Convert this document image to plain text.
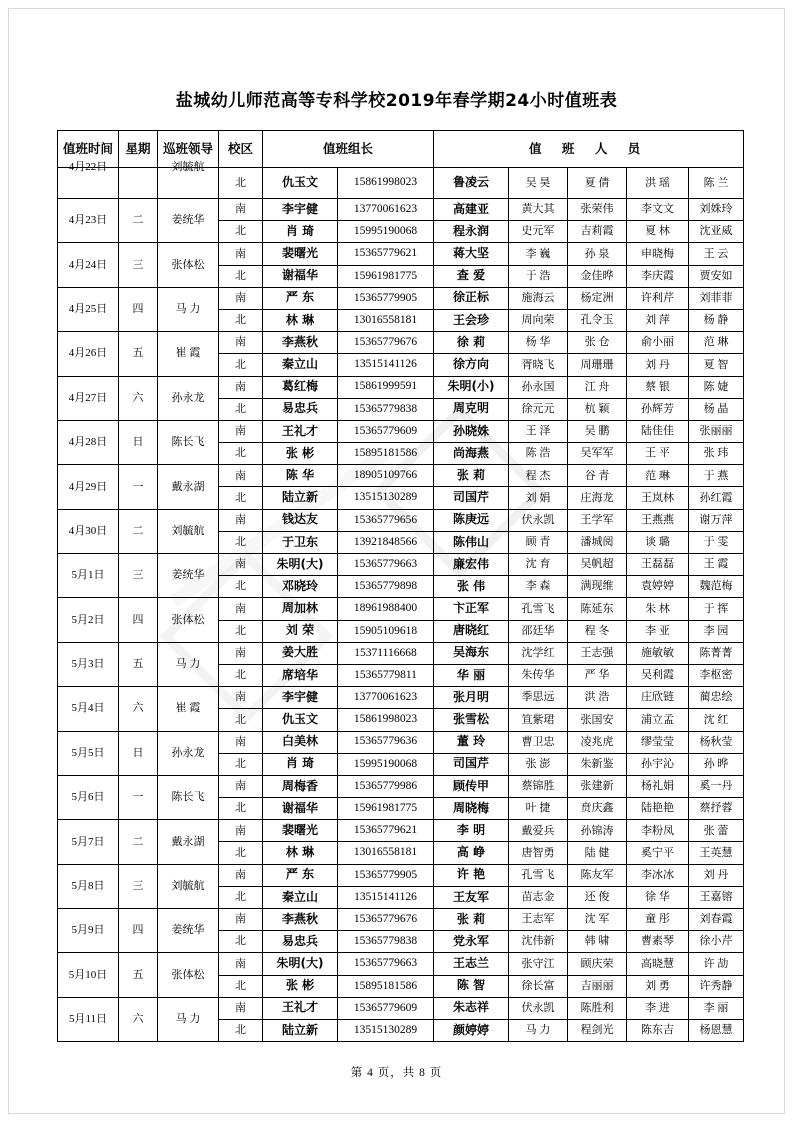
盐城幼儿师范高等专科学校2019年春学期24小时值班表
值班时间	星期	巡班领导	校区	值班组长		值 班 人 员				

4月22日		刘毓航	北	仇玉文	15861998023	鲁凌云	吴 昊	夏 倩	洪 瑶	陈 兰
4月23日	二	姜统华	南	李宇健	13770061623	高建亚	黄大其	张荣伟	李文文	刘姝玲
			北	肖 琦	15995190068	程永润	史元军	吉莉霞	夏 林	沈亚威
4月24日	三	张体松	南	裴曙光	15365779621	蒋大坚	李 巍	孙 泉	申晓梅	王 云
			北	谢福华	15961981775	查 爱	于 浩	金佳晔	李庆霞	贾安如
4月25日	四	马 力	南	严 东	15365779905	徐正标	施海云	杨定洲	许利芹	刘菲菲
			北	林 琳	13016558181	王会珍	周向荣	孔令玉	刘 萍	杨 静
4月26日	五	崔 霞	南	李燕秋	15365779676	徐 莉	杨 华	张 仓	俞小丽	范 琳
			北	秦立山	13515141126	徐方向	胥晓飞	周珊珊	刘 丹	夏 智
4月27日	六	孙永龙	南	葛红梅	15861999591	朱明(小)	孙永国	江 舟	蔡 银	陈 婕
			北	易忠兵	15365779838	周克明	徐元元	杭 颖	孙辉芳	杨 晶
4月28日	日	陈长飞	南	王礼才	15365779609	孙晓姝	王 泽	吴 鹏	陆佳佳	张丽丽
			北	张 彬	15895181586	尚海燕	陈 浩	吴军军	王 平	张 玮
4月29日	一	戴永湖	南	陈 华	18905109766	张 莉	程 杰	谷 青	范 琳	于 燕
			北	陆立新	13515130289	司国芹	刘 娟	庄海龙	王岚林	孙红霞
4月30日	二	刘毓航	南	钱达友	15365779656	陈庚远	伏永凯	王学军	王燕燕	谢万萍
			北	于卫东	13921848566	陈伟山	顾 青	潘城阅	谈 璐	于 雯
5月1日	三	姜统华	南	朱明(大)	15365779663	廉宏伟	沈 育	吴帆超	王磊磊	王 霞
			北	邓晓玲	15365779898	张 伟	李 森	满现维	袁婷婷	魏范梅
5月2日	四	张体松	南	周加林	18961988400	卞正军	孔雪飞	陈延东	朱 林	于 挥
			北	刘 荣	15905109618	唐晓红	邵廷华	程 冬	李 亚	李 园
5月3日	五	马 力	南	姜大胜	15371116668	吴海东	沈学红	王志强	施敏敏	陈菁菁
			北	席培华	15365779811	华 丽	朱传华	严 华	吴利霞	李枢密
5月4日	六	崔 霞	南	李宇健	13770061623	张月明	季思远	洪 浩	庄欣链	蔺忠绘
			北	仇玉文	15861998023	张雪松	笪紫珺	张国安	浦立孟	沈 红
5月5日	日	孙永龙	南	白美林	15365779636	董 玲	曹卫忠	凌兆虎	缪莹莹	杨秋莹
			北	肖 琦	15995190068	司国芹	张 澎	朱新鉴	孙宇沁	孙 晔
5月6日	一	陈长飞	南	周梅香	15365779986	顾传甲	蔡锦胜	张建新	杨礼娟	奚一丹
			北	谢福华	15961981775	周晓梅	叶 捷	贲庆鑫	陆艳艳	蔡抒蓉
5月7日	二	戴永湖	南	裴曙光	15365779621	李 明	戴爱兵	孙锦涛	李粉凤	张 蕾
			北	林 琳	13016558181	高 峥	唐智勇	陆 健	奚宁平	王英慧
5月8日	三	刘毓航	南	严 东	15365779905	许 艳	孔雪飞	陈友军	李冰冰	刘 丹
			北	秦立山	13515141126	王友军	苗志金	还 俊	徐 华	王嘉镕
5月9日	四	姜统华	南	李燕秋	15365779676	张 莉	王志军	沈 军	童 彤	刘春霞
			北	易忠兵	15365779838	党永军	沈伟新	韩 啸	曹素琴	徐小芹
5月10日	五	张体松	南	朱明(大)	15365779663	王志兰	张守江	顾庆荣	高晓慧	许 劼
			北	张 彬	15895181586	陈 智	徐长富	吉丽丽	刘 勇	许秀静
5月11日	六	马 力	南	王礼才	15365779609	朱志祥	伏永凯	陈胜利	李 进	李 丽
			北	陆立新	13515130289	颜婷婷	马 力	程剑光	陈东吉	杨恩慧
第 4 页，共 8 页
